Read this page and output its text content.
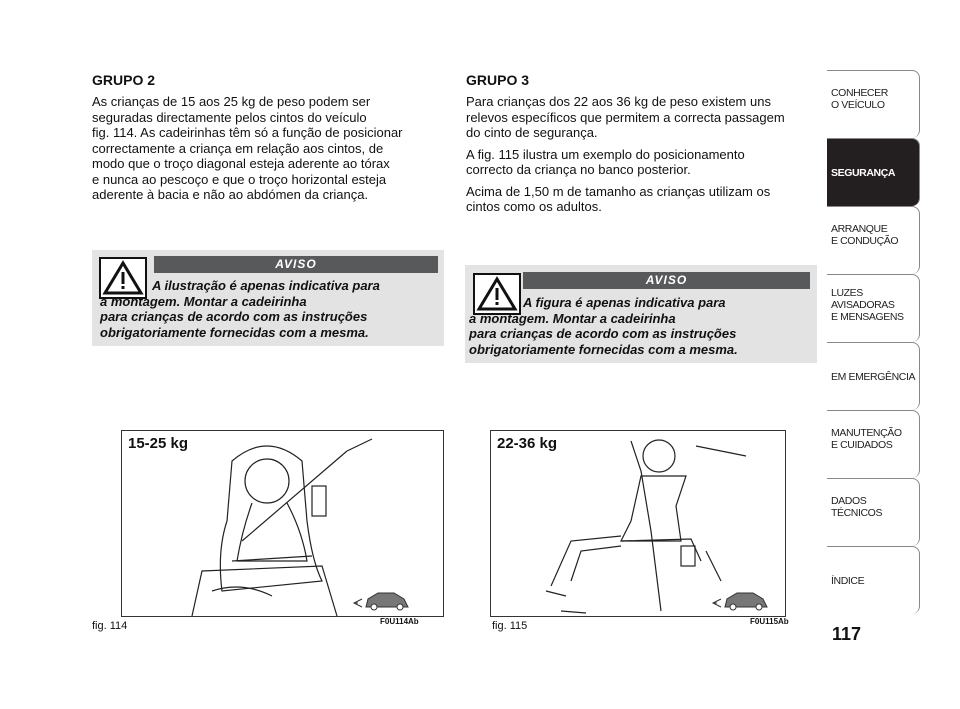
GRUPO 2
As crianças de 15 aos 25 kg de peso podem ser
seguradas directamente pelos cintos do veículo
fig. 114. As cadeirinhas têm só a função de posicionar
correctamente a criança em relação aos cintos, de
modo que o troço diagonal esteja aderente ao tórax
e nunca ao pescoço e que o troço horizontal esteja
aderente à bacia e não ao abdómen da criança.
AVISO
A ilustração é apenas indicativa para
a montagem. Montar a cadeirinha
para crianças de acordo com as instruções
obrigatoriamente fornecidas com a mesma.
15-25 kg
fig. 114	F0U114Ab
GRUPO 3
Para crianças dos 22 aos 36 kg de peso existem uns
relevos específicos que permitem a correcta passagem
do cinto de segurança.
A fig. 115 ilustra um exemplo do posicionamento
correcto da criança no banco posterior.
Acima de 1,50 m de tamanho as crianças utilizam os
cintos como os adultos.
AVISO
A figura é apenas indicativa para
a montagem. Montar a cadeirinha
para crianças de acordo com as instruções
obrigatoriamente fornecidas com a mesma.
22-36 kg
fig. 115	F0U115Ab
CONHECER
O VEÍCULO
SEGURANÇA
ARRANQUE
E CONDUÇÃO
LUZES
AVISADORAS
E MENSAGENS
EM EMERGÊNCIA
MANUTENÇÃO
E CUIDADOS
DADOS
TÉCNICOS
ÍNDICE
117
